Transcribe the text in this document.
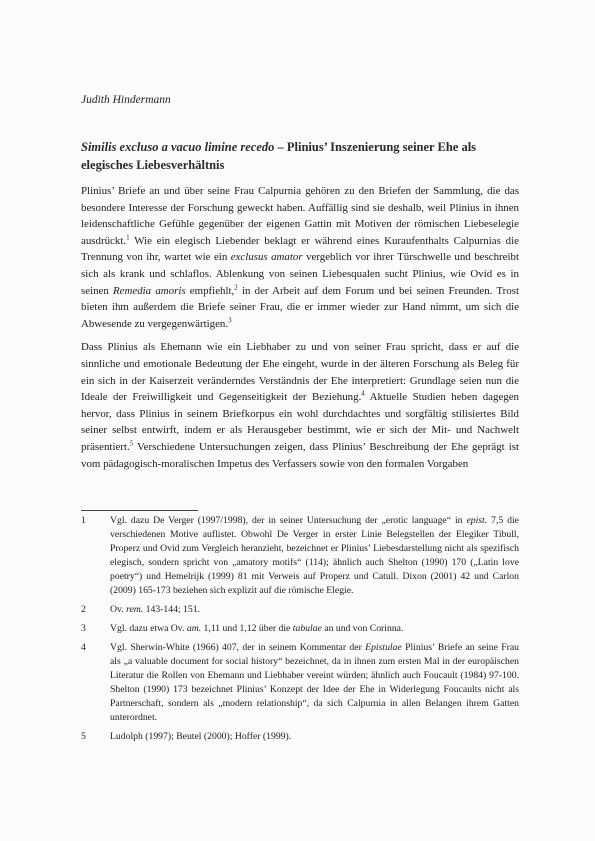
Judith Hindermann
Similis excluso a vacuo limine recedo – Plinius’ Inszenierung seiner Ehe als elegisches Liebesverhältnis

Plinius’ Briefe an und über seine Frau Calpurnia gehören zu den Briefen der Sammlung, die das besondere Interesse der Forschung geweckt haben. Auffällig sind sie deshalb, weil Plinius in ihnen leidenschaftliche Gefühle gegenüber der eigenen Gattin mit Motiven der römischen Liebeselegie ausdrückt.$^1$ Wie ein elegisch Liebender beklagt er während eines Kuraufenthalts Calpurnias die Trennung von ihr, wartet wie ein exclusus amator vergeblich vor ihrer Türschwelle und beschreibt sich als krank und schlaflos. Ablenkung von seinen Liebesqualen sucht Plinius, wie Ovid es in seinen Remedia amoris empfiehlt,$^2$ in der Arbeit auf dem Forum und bei seinen Freunden. Trost bieten ihm außerdem die Briefe seiner Frau, die er immer wieder zur Hand nimmt, um sich die Abwesende zu vergegenwärtigen.$^3$

Dass Plinius als Ehemann wie ein Liebhaber zu und von seiner Frau spricht, dass er auf die sinnliche und emotionale Bedeutung der Ehe eingeht, wurde in der älteren Forschung als Beleg für ein sich in der Kaiserzeit veränderndes Verständnis der Ehe interpretiert: Grundlage seien nun die Ideale der Freiwilligkeit und Gegenseitigkeit der Beziehung.$^4$ Aktuelle Studien heben dagegen hervor, dass Plinius in seinem Briefkorpus ein wohl durchdachtes und sorgfältig stilisiertes Bild seiner selbst entwirft, indem er als Herausgeber bestimmt, wie er sich der Mit- und Nachwelt präsentiert.$^5$ Verschiedene Untersuchungen zeigen, dass Plinius’ Beschreibung der Ehe geprägt ist vom pädagogisch-moralischen Impetus des Verfassers sowie von den formalen Vorgaben

1	Vgl. dazu De Verger (1997/1998), der in seiner Untersuchung der „erotic language“ in epist. 7,5 die verschiedenen Motive auflistet. Obwohl De Verger in erster Linie Belegstellen der Elegiker Tibull, Properz und Ovid zum Vergleich heranzieht, bezeichnet er Plinius’ Liebesdarstellung nicht als spezifisch elegisch, sondern spricht von „amatory motifs“ (114); ähnlich auch Shelton (1990) 170 („Latin love poetry“) und Hemelrijk (1999) 81 mit Verweis auf Properz und Catull. Dixon (2001) 42 und Carlon (2009) 165-173 beziehen sich explizit auf die römische Elegie.
2	Ov. rem. 143-144; 151.
3	Vgl. dazu etwa Ov. am. 1,11 und 1,12 über die tabulae an und von Corinna.
4	Vgl. Sherwin-White (1966) 407, der in seinem Kommentar der Epistulae Plinius’ Briefe an seine Frau als „a valuable document for social history“ bezeichnet, da in ihnen zum ersten Mal in der europäischen Literatur die Rollen von Ehemann und Liebhaber vereint würden; ähnlich auch Foucault (1984) 97-100. Shelton (1990) 173 bezeichnet Plinius’ Konzept der Idee der Ehe in Widerlegung Foucaults nicht als Partnerschaft, sondern als „modern relationship“, da sich Calpurnia in allen Belangen ihrem Gatten unterordnet.
5	Ludolph (1997); Beutel (2000); Hoffer (1999).
